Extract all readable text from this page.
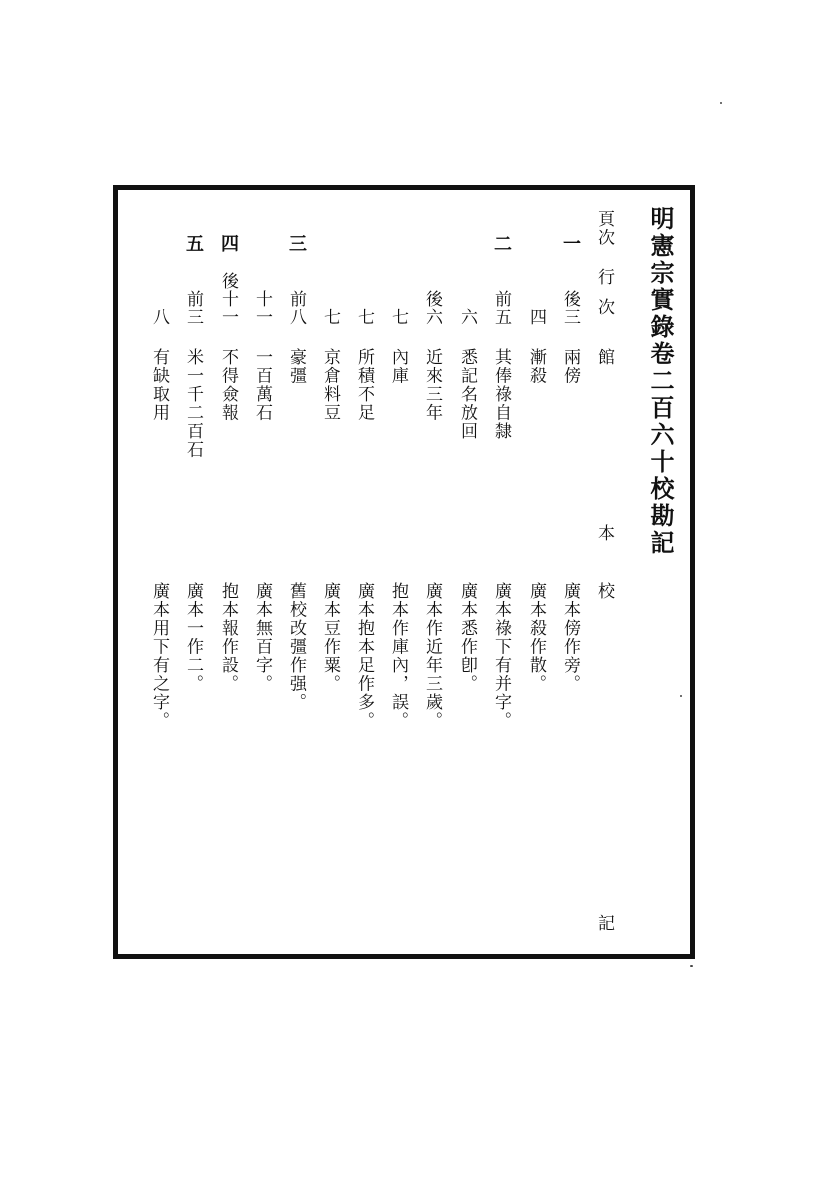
明憲宗實錄卷二百六十校勘記
頁次
行
次
館
本
校
記
一
後三
兩傍
廣本傍作旁。
四
漸殺
廣本殺作散。
二
前五
其俸祿自隸
廣本祿下有并字。
六
悉記名放回
廣本悉作卽。
後六
近來三年
廣本作近年三歲。
七
內庫
抱本作庫內，誤。
七
所積不足
廣本抱本足作多。
七
京倉料豆
廣本豆作粟。
三
前八
豪彊
舊校改彊作强。
十一
一百萬石
廣本無百字。
四
後十一
不得僉報
抱本報作設。
五
前三
米一千二百石
廣本一作二。
八
有缺取用
廣本用下有之字。
